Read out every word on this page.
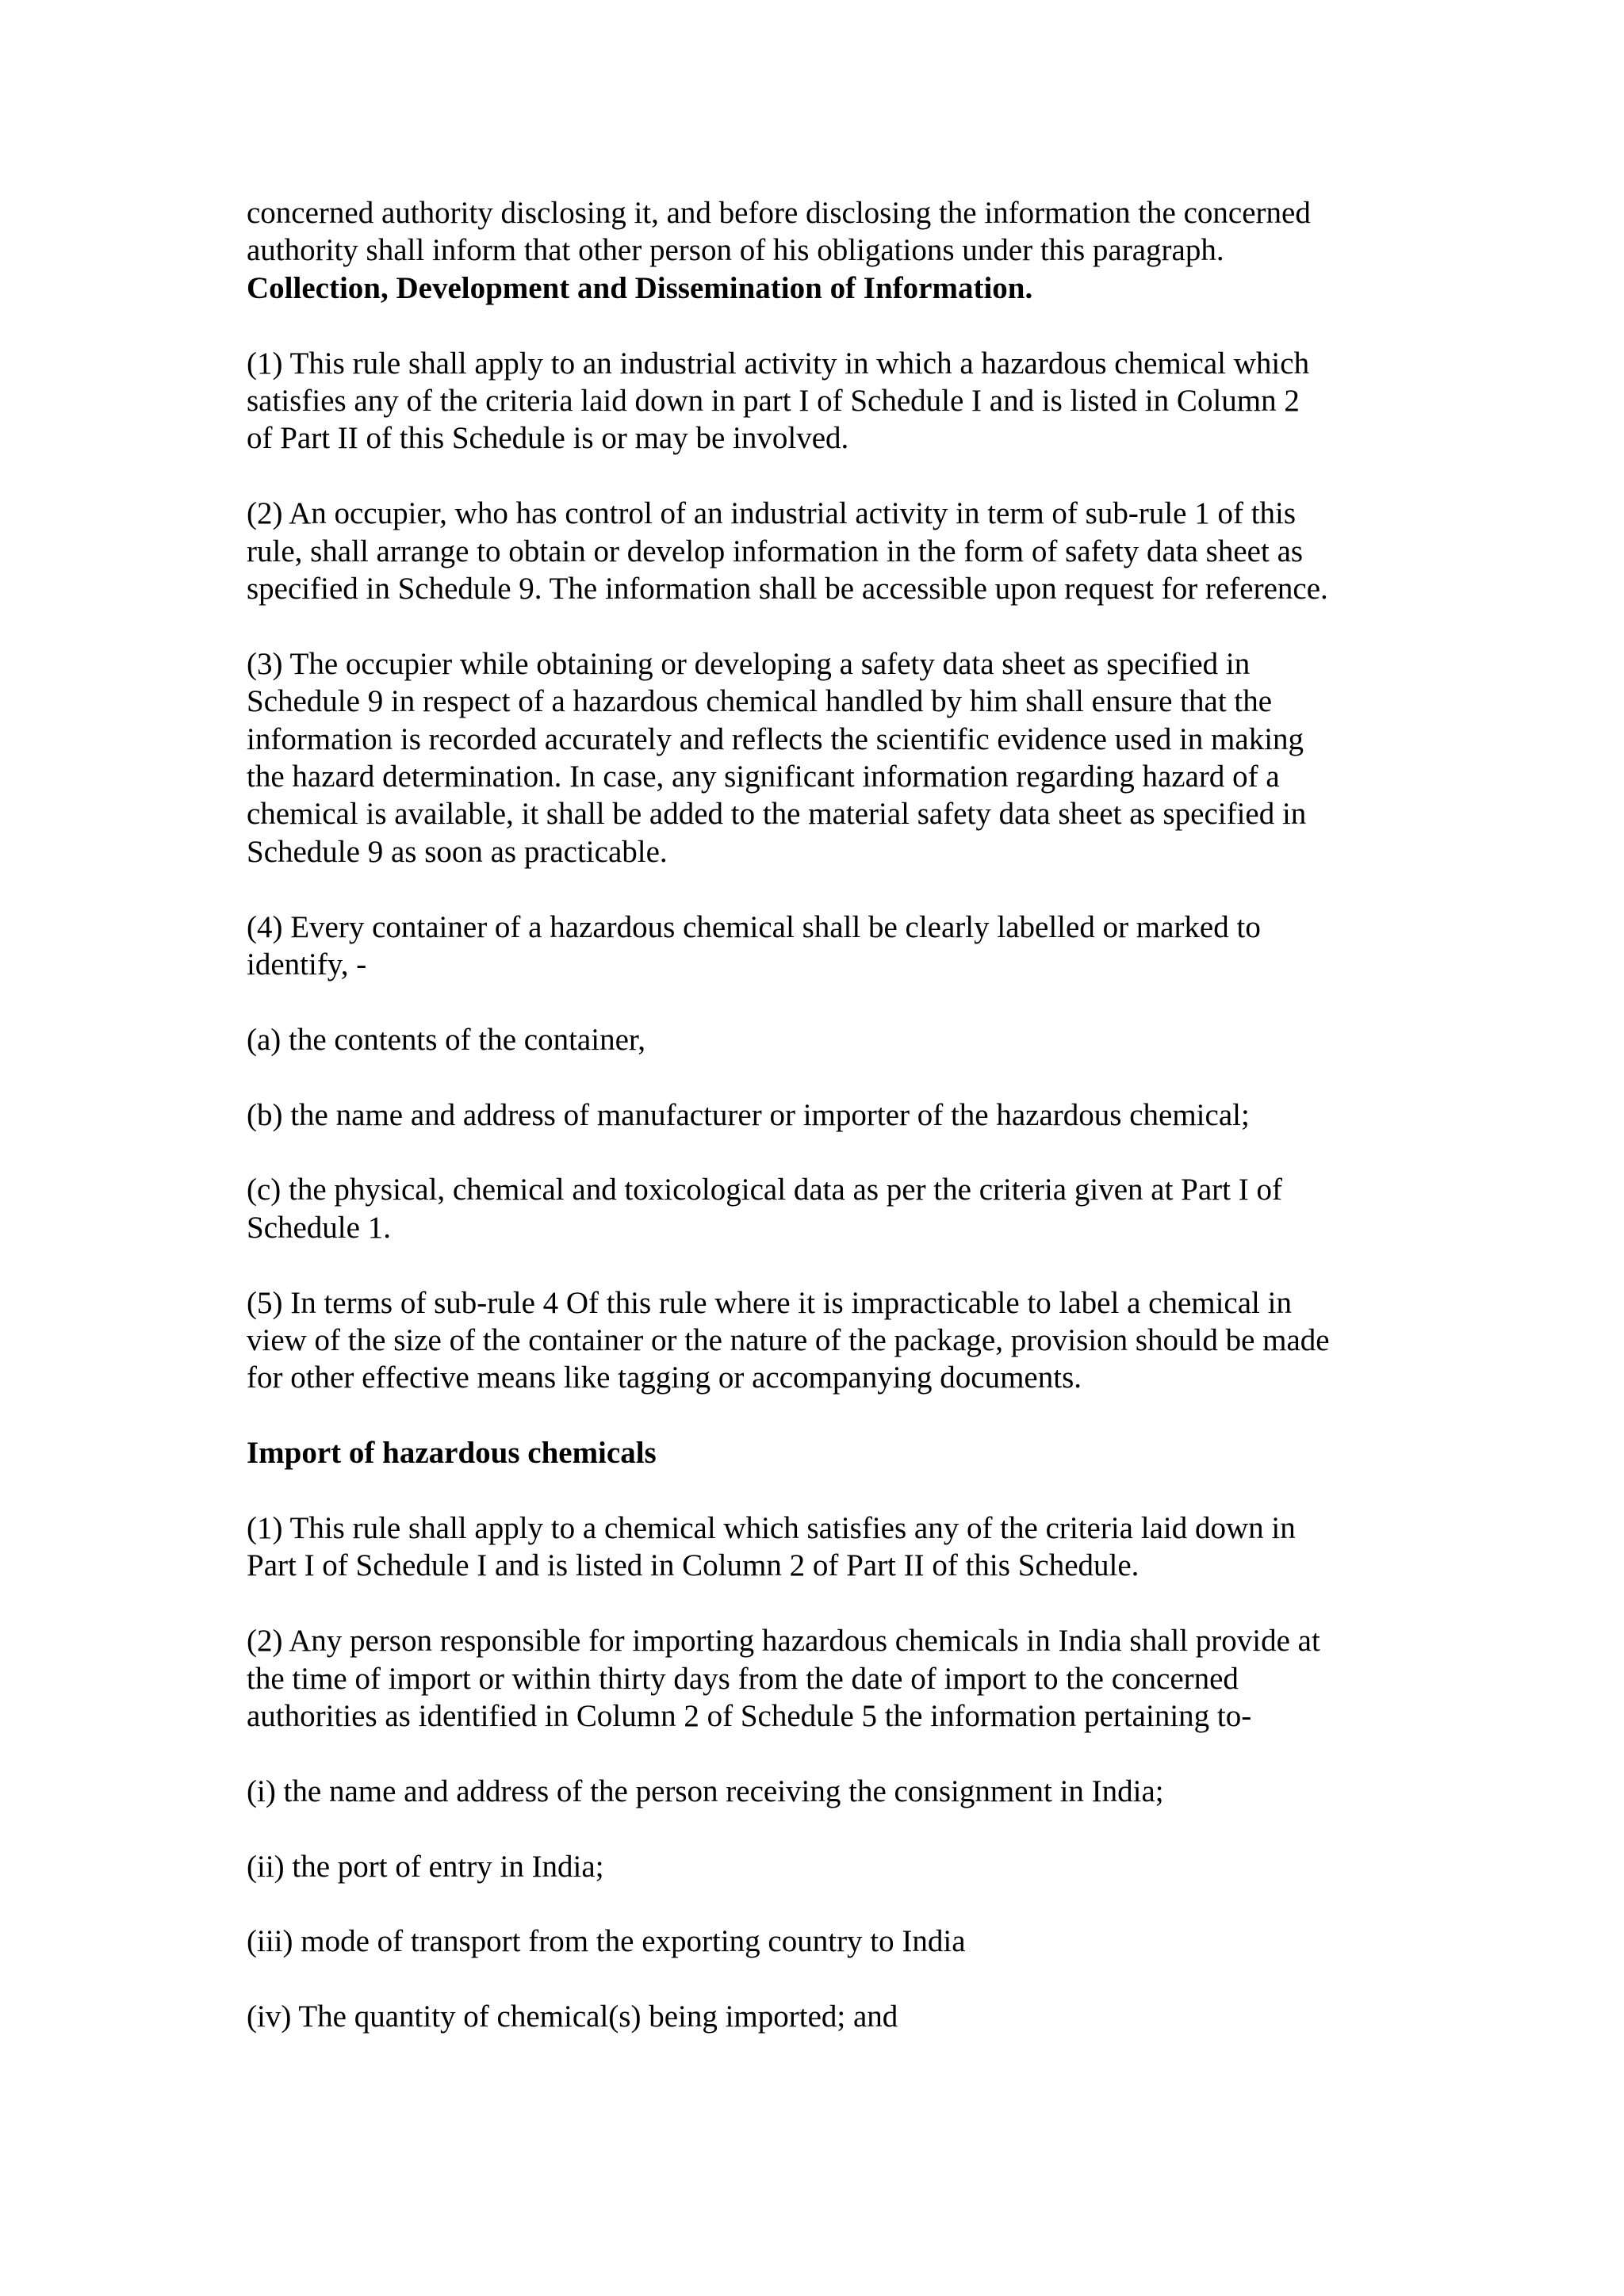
concerned authority disclosing it, and before disclosing the information the concerned
authority shall inform that other person of his obligations under this paragraph.
Collection, Development and Dissemination of Information.
(1) This rule shall apply to an industrial activity in which a hazardous chemical which
satisfies any of the criteria laid down in part I of Schedule I and is listed in Column 2
of Part II of this Schedule is or may be involved.
(2) An occupier, who has control of an industrial activity in term of sub-rule 1 of this
rule, shall arrange to obtain or develop information in the form of safety data sheet as
specified in Schedule 9. The information shall be accessible upon request for reference.
(3) The occupier while obtaining or developing a safety data sheet as specified in
Schedule 9 in respect of a hazardous chemical handled by him shall ensure that the
information is recorded accurately and reflects the scientific evidence used in making
the hazard determination. In case, any significant information regarding hazard of a
chemical is available, it shall be added to the material safety data sheet as specified in
Schedule 9 as soon as practicable.
(4) Every container of a hazardous chemical shall be clearly labelled or marked to
identify, -
(a) the contents of the container,
(b) the name and address of manufacturer or importer of the hazardous chemical;
(c) the physical, chemical and toxicological data as per the criteria given at Part I of
Schedule 1.
(5) In terms of sub-rule 4 Of this rule where it is impracticable to label a chemical in
view of the size of the container or the nature of the package, provision should be made
for other effective means like tagging or accompanying documents.
Import of hazardous chemicals
(1) This rule shall apply to a chemical which satisfies any of the criteria laid down in
Part I of Schedule I and is listed in Column 2 of Part II of this Schedule.
(2) Any person responsible for importing hazardous chemicals in India shall provide at
the time of import or within thirty days from the date of import to the concerned
authorities as identified in Column 2 of Schedule 5 the information pertaining to-
(i) the name and address of the person receiving the consignment in India;
(ii) the port of entry in India;
(iii) mode of transport from the exporting country to India
(iv) The quantity of chemical(s) being imported; and
